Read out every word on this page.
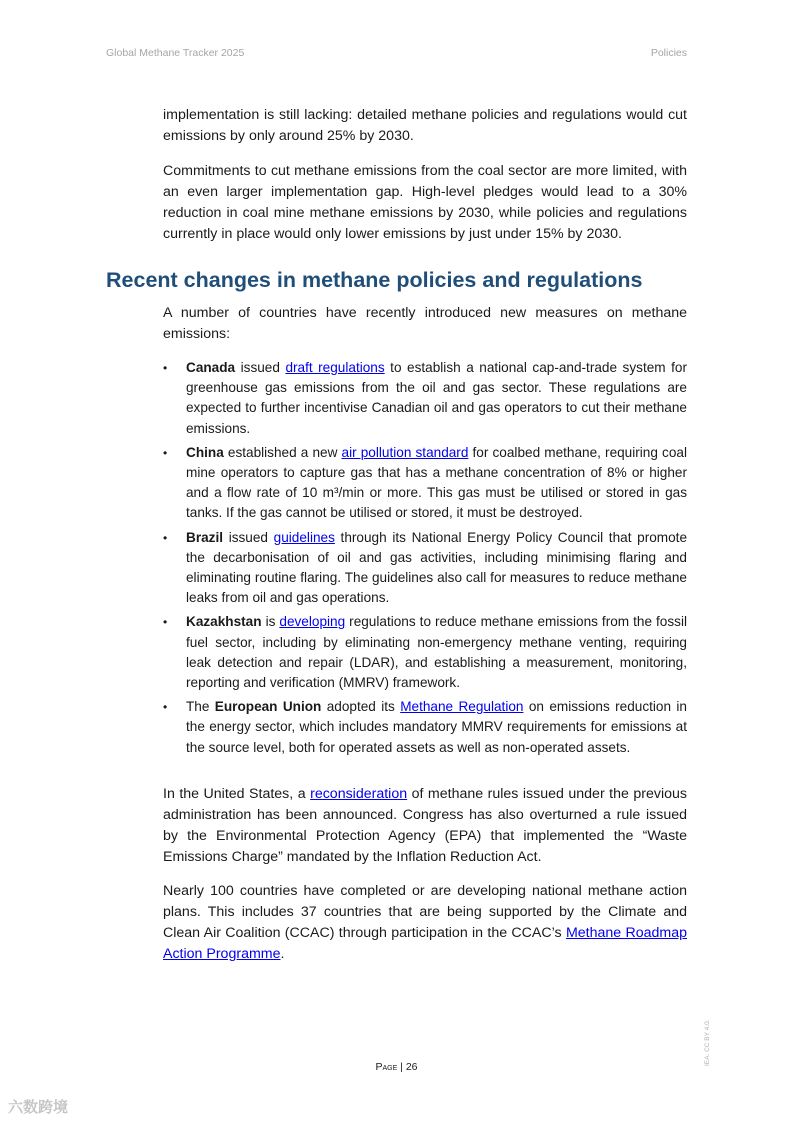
Global Methane Tracker 2025	Policies

implementation is still lacking: detailed methane policies and regulations would cut emissions by only around 25% by 2030.

Commitments to cut methane emissions from the coal sector are more limited, with an even larger implementation gap. High-level pledges would lead to a 30% reduction in coal mine methane emissions by 2030, while policies and regulations currently in place would only lower emissions by just under 15% by 2030.

Recent changes in methane policies and regulations

A number of countries have recently introduced new measures on methane emissions:

• Canada issued draft regulations to establish a national cap-and-trade system for greenhouse gas emissions from the oil and gas sector. These regulations are expected to further incentivise Canadian oil and gas operators to cut their methane emissions.
• China established a new air pollution standard for coalbed methane, requiring coal mine operators to capture gas that has a methane concentration of 8% or higher and a flow rate of 10 m³/min or more. This gas must be utilised or stored in gas tanks. If the gas cannot be utilised or stored, it must be destroyed.
• Brazil issued guidelines through its National Energy Policy Council that promote the decarbonisation of oil and gas activities, including minimising flaring and eliminating routine flaring. The guidelines also call for measures to reduce methane leaks from oil and gas operations.
• Kazakhstan is developing regulations to reduce methane emissions from the fossil fuel sector, including by eliminating non-emergency methane venting, requiring leak detection and repair (LDAR), and establishing a measurement, monitoring, reporting and verification (MMRV) framework.
• The European Union adopted its Methane Regulation on emissions reduction in the energy sector, which includes mandatory MMRV requirements for emissions at the source level, both for operated assets as well as non-operated assets.

In the United States, a reconsideration of methane rules issued under the previous administration has been announced. Congress has also overturned a rule issued by the Environmental Protection Agency (EPA) that implemented the “Waste Emissions Charge” mandated by the Inflation Reduction Act.

Nearly 100 countries have completed or are developing national methane action plans. This includes 37 countries that are being supported by the Climate and Clean Air Coalition (CCAC) through participation in the CCAC’s Methane Roadmap Action Programme.

Page | 26
IEA. CC BY 4.0.
六数跨境
